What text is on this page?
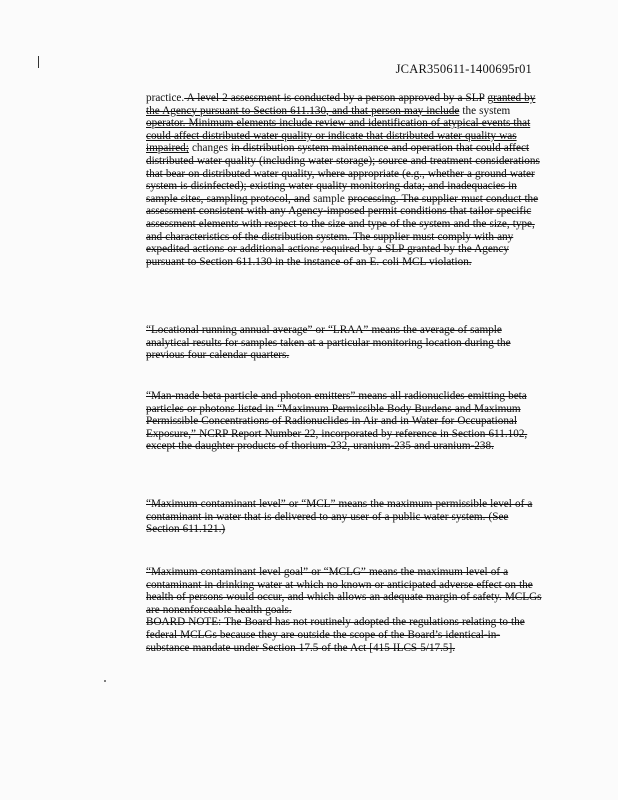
JCAR350611-1400695r01
practice. A level 2 assessment is conducted by a person approved by a SLP granted by the Agency pursuant to Section 611.130, and that person may include the system operator. Minimum elements include review and identification of atypical events that could affect distributed water quality or indicate that distributed water quality was impaired; changes in distribution system maintenance and operation that could affect distributed water quality (including water storage); source and treatment considerations that bear on distributed water quality, where appropriate (e.g., whether a ground water system is disinfected); existing water quality monitoring data; and inadequacies in sample sites, sampling protocol, and sample processing. The supplier must conduct the assessment consistent with any Agency-imposed permit conditions that tailor specific assessment elements with respect to the size and type of the system and the size, type, and characteristics of the distribution system. The supplier must comply with any expedited actions or additional actions required by a SLP granted by the Agency pursuant to Section 611.130 in the instance of an E. coli MCL violation.
“Locational running annual average” or “LRAA” means the average of sample analytical results for samples taken at a particular monitoring location during the previous four calendar quarters.
“Man-made beta particle and photon emitters” means all radionuclides emitting beta particles or photons listed in “Maximum Permissible Body Burdens and Maximum Permissible Concentrations of Radionuclides in Air and in Water for Occupational Exposure,” NCRP Report Number 22, incorporated by reference in Section 611.102, except the daughter products of thorium-232, uranium-235 and uranium-238.
“Maximum contaminant level” or “MCL” means the maximum permissible level of a contaminant in water that is delivered to any user of a public water system. (See Section 611.121.)
“Maximum contaminant level goal” or “MCLG” means the maximum level of a contaminant in drinking water at which no known or anticipated adverse effect on the health of persons would occur, and which allows an adequate margin of safety. MCLGs are nonenforceable health goals.
BOARD NOTE: The Board has not routinely adopted the regulations relating to the federal MCLGs because they are outside the scope of the Board’s identical-in-substance mandate under Section 17.5 of the Act [415 ILCS 5/17.5].
